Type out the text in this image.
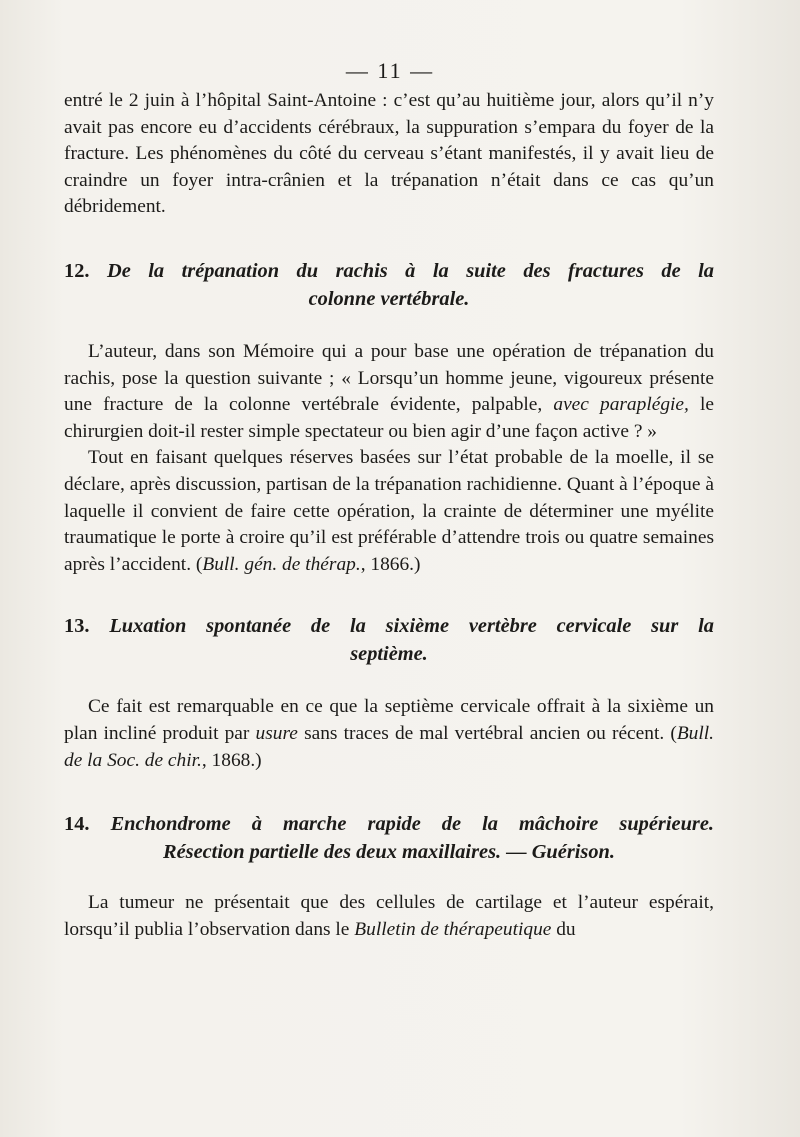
— 11 —

entré le 2 juin à l’hôpital Saint-Antoine : c’est qu’au huitième jour, alors qu’il n’y avait pas encore eu d’accidents cérébraux, la suppuration s’empara du foyer de la fracture. Les phénomènes du côté du cerveau s’étant manifestés, il y avait lieu de craindre un foyer intra-crânien et la trépanation n’était dans ce cas qu’un débridement.

12. De la trépanation du rachis à la suite des fractures de la
colonne vertébrale.

L’auteur, dans son Mémoire qui a pour base une opération de trépanation du rachis, pose la question suivante ; « Lorsqu’un homme jeune, vigoureux présente une fracture de la colonne vertébrale évidente, palpable, avec paraplégie, le chirurgien doit-il rester simple spectateur ou bien agir d’une façon active ? »

Tout en faisant quelques réserves basées sur l’état probable de la moelle, il se déclare, après discussion, partisan de la trépanation rachidienne. Quant à l’époque à laquelle il convient de faire cette opération, la crainte de déterminer une myélite traumatique le porte à croire qu’il est préférable d’attendre trois ou quatre semaines après l’accident. (Bull. gén. de thérap., 1866.)

13. Luxation spontanée de la sixième vertèbre cervicale sur la
septième.

Ce fait est remarquable en ce que la septième cervicale offrait à la sixième un plan incliné produit par usure sans traces de mal vertébral ancien ou récent. (Bull. de la Soc. de chir., 1868.)

14. Enchondrome à marche rapide de la mâchoire supérieure.
Résection partielle des deux maxillaires. — Guérison.

La tumeur ne présentait que des cellules de cartilage et l’auteur espérait, lorsqu’il publia l’observation dans le Bulletin de thérapeutique du
